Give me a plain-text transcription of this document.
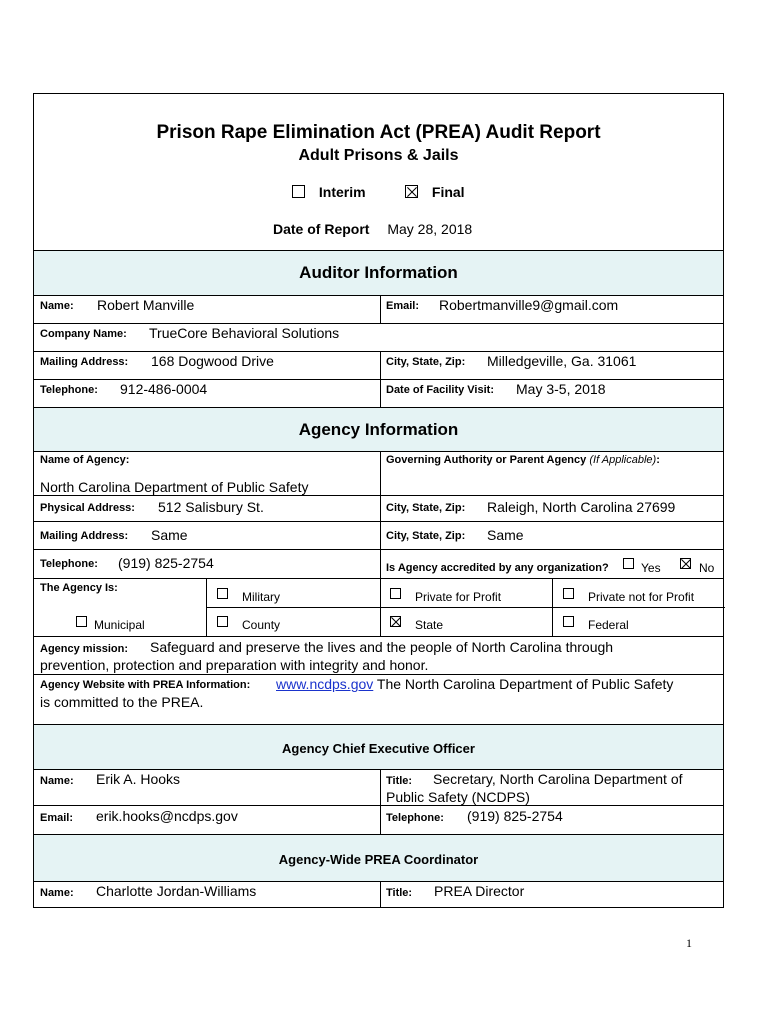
Prison Rape Elimination Act (PREA) Audit Report
Adult Prisons & Jails
Interim	Final
Date of Report May 28, 2018
Auditor Information
Name: Robert Manville	Email: Robertmanville9@gmail.com
Company Name: TrueCore Behavioral Solutions
Mailing Address: 168 Dogwood Drive	City, State, Zip: Milledgeville, Ga. 31061
Telephone: 912-486-0004	Date of Facility Visit: May 3-5, 2018
Agency Information
Name of Agency:	Governing Authority or Parent Agency (If Applicable):
North Carolina Department of Public Safety
Physical Address: 512 Salisbury St.	City, State, Zip: Raleigh, North Carolina 27699
Mailing Address: Same	City, State, Zip: Same
Telephone: (919) 825-2754	Is Agency accredited by any organization?	Yes	No
The Agency Is:
Military	Private for Profit	Private not for Profit
Municipal	County	State	Federal
Agency mission: Safeguard and preserve the lives and the people of North Carolina through
prevention, protection and preparation with integrity and honor.
Agency Website with PREA Information: www.ncdps.gov The North Carolina Department of Public Safety
is committed to the PREA.
Agency Chief Executive Officer
Name: Erik A. Hooks	Title: Secretary, North Carolina Department of
Public Safety (NCDPS)
Email: erik.hooks@ncdps.gov	Telephone: (919) 825-2754
Agency-Wide PREA Coordinator
Name: Charlotte Jordan-Williams	Title: PREA Director
1
